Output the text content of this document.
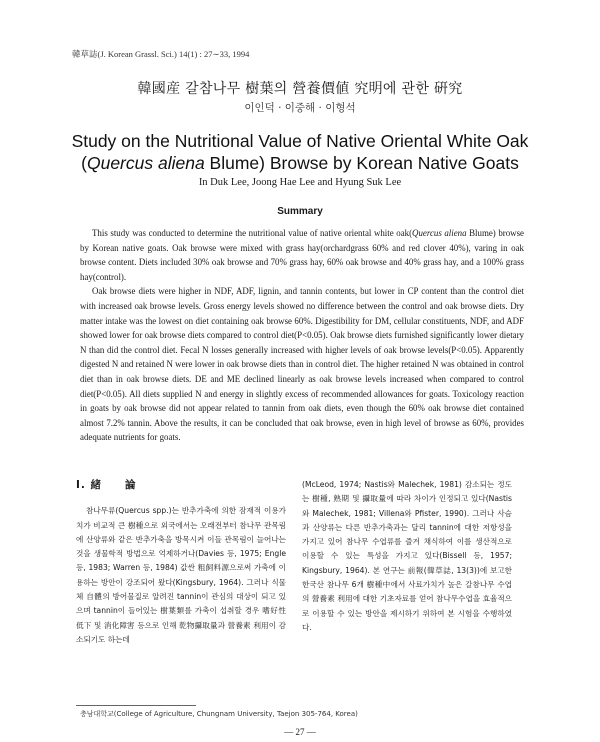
韓草誌(J. Korean Grassl. Sci.) 14(1) : 27∼33, 1994
韓國産 갈참나무 樹葉의 營養價値 究明에 관한 硏究
이인덕 · 이중해 · 이형석
Study on the Nutritional Value of Native Oriental White Oak
(Quercus aliena Blume) Browse by Korean Native Goats
In Duk Lee, Joong Hae Lee and Hyung Suk Lee
Summary

This study was conducted to determine the nutritional value of native oriental white oak(Quercus aliena Blume) browse by Korean native goats. Oak browse were mixed with grass hay(orchardgrass 60% and red clover 40%), varing in oak browse content. Diets included 30% oak browse and 70% grass hay, 60% oak browse and 40% grass hay, and a 100% grass hay(control).

Oak browse diets were higher in NDF, ADF, lignin, and tannin contents, but lower in CP content than the control diet with increased oak browse levels. Gross energy levels showed no difference between the control and oak browse diets. Dry matter intake was the lowest on diet containing oak browse 60%. Digestibility for DM, cellular constituents, NDF, and ADF showed lower for oak browse diets compared to control diet(P<0.05). Oak browse diets furnished significantly lower dietary N than did the control diet. Fecal N losses generally increased with higher levels of oak browse levels(P<0.05). Apparently digested N and retained N were lower in oak browse diets than in control diet. The higher retained N was obtained in control diet than in oak browse diets. DE and ME declined linearly as oak browse levels increased when compared to control diet(P<0.05). All diets supplied N and energy in slightly excess of recommended allowances for goats. Toxicology reaction in goats by oak browse did not appear related to tannin from oak diets, even though the 60% oak browse diet contained almost 7.2% tannin. Above the results, it can be concluded that oak browse, even in high level of browse as 60%, provides adequate nutrients for goats.

Ⅰ. 緒　　論

참나무류(Quercus spp.)는 반추가축에 의한 잠재적 이용가치가 비교적 큰 樹種으로 외국에서는 오래전부터 참나무 관목림에 산양류와 같은 반추가축을 방목시켜 이들 관목림이 늘어나는 것을 생물학적 방법으로 억제하거나(Davies 등, 1975; Engle 등, 1983; Warren 등, 1984) 값싼 粗飼料源으로써 가축에 이용하는 방안이 강조되어 왔다(Kingsbury, 1964). 그러나 식물체 自體의 방어물질로 알려진 tannin이 관심의 대상이 되고 있으며 tannin이 들어있는 樹葉類를 가축이 섭취할 경우 嗜好性低下 및 消化障害 등으로 인해 乾物攝取量과 營養素 利用이 감소되기도 하는데

(McLeod, 1974; Nastis와 Malechek, 1981) 감소되는 정도는 樹種, 熟期 및 攝取量에 따라 차이가 인정되고 있다(Nastis와 Malechek, 1981; Villena와 Pfister, 1990). 그러나 사슴과 산양류는 다른 반추가축과는 달리 tannin에 대한 저항성을 가지고 있어 참나무 수엽류를 즐겨 채식하여 이를 생산적으로 이용할 수 있는 특성을 가지고 있다(Bissell 등, 1957; Kingsbury, 1964). 본 연구는 前報(韓草誌, 13(3))에 보고한 한국산 참나무 6개 樹種中에서 사료가치가 높은 갈참나무 수엽의 營養素 利用에 대한 기초자료를 얻어 참나무수엽을 효율적으로 이용할 수 있는 방안을 제시하기 위하여 본 시험을 수행하였다.

충남대학교(College of Agriculture, Chungnam University, Taejon 305-764, Korea)
— 27 —
